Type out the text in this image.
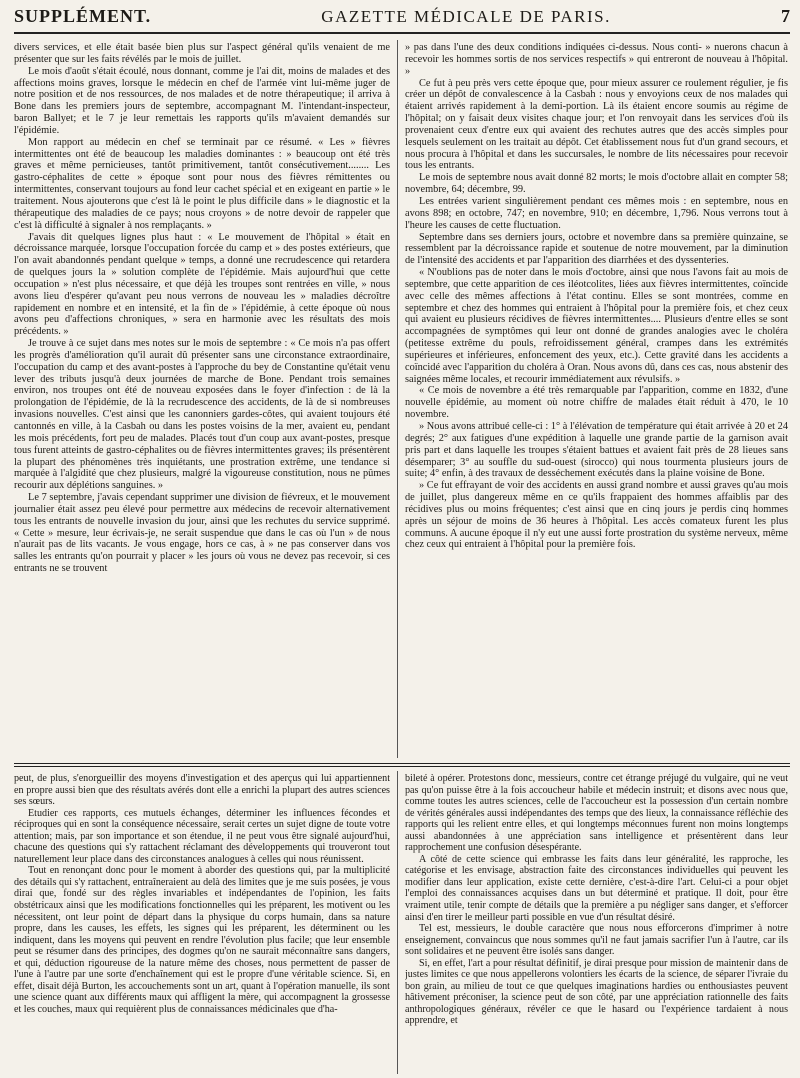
SUPPLÉMENT.	GAZETTE MÉDICALE DE PARIS.	7

divers services, et elle était basée bien plus sur l'aspect général qu'ils venaient de me présenter que sur les faits révélés par le mois de juillet.

Le mois d'août s'était écoulé, nous donnant, comme je l'ai dit, moins de malades et des affections moins graves, lorsque le médecin en chef de l'armée vint lui-même juger de notre position et de nos ressources, de nos malades et de notre thérapeutique; il arriva à Bone dans les premiers jours de septembre, accompagnant M. l'intendant-inspecteur, baron Ballyet; et le 7 je leur remettais les rapports qu'ils m'avaient demandés sur l'épidémie.

Mon rapport au médecin en chef se terminait par ce résumé. « Les » fièvres intermittentes ont été de beaucoup les maladies dominantes : » beaucoup ont été très graves et même pernicieuses, tantôt primitivement, tantôt consécutivement........ Les gastro-céphalites de cette » époque sont pour nous des fièvres rémittentes ou intermittentes, conservant toujours au fond leur cachet spécial et en exigeant en partie » le traitement. Nous ajouterons que c'est là le point le plus difficile dans » le diagnostic et la thérapeutique des maladies de ce pays; nous croyons » de notre devoir de rappeler que c'est là difficulté à signaler à nos remplaçants. »

J'avais dit quelques lignes plus haut : « Le mouvement de l'hôpital » était en décroissance marquée, lorsque l'occupation forcée du camp et » des postes extérieurs, que l'on avait abandonnés pendant quelque » temps, a donné une recrudescence qui retardera de quelques jours la » solution complète de l'épidémie. Mais aujourd'hui que cette occupation » n'est plus nécessaire, et que déjà les troupes sont rentrées en ville, » nous avons lieu d'espérer qu'avant peu nous verrons de nouveau les » maladies décroître rapidement en nombre et en intensité, et la fin de » l'épidémie, à cette époque où nous avons peu d'affections chroniques, » sera en harmonie avec les résultats des mois précédents. »

Je trouve à ce sujet dans mes notes sur le mois de septembre : « Ce mois n'a pas offert les progrès d'amélioration qu'il aurait dû présenter sans une circonstance extraordinaire, l'occupation du camp et des avant-postes à l'approche du bey de Constantine qu'était venu lever des tributs jusqu'à deux journées de marche de Bone. Pendant trois semaines environ, nos troupes ont été de nouveau exposées dans le foyer d'infection : de là la prolongation de l'épidémie, de là la recrudescence des accidents, de là de si nombreuses invasions nouvelles. C'est ainsi que les canonniers gardes-côtes, qui avaient toujours été cantonnés en ville, à la Casbah ou dans les postes voisins de la mer, avaient eu, pendant les mois précédents, fort peu de malades. Placés tout d'un coup aux avant-postes, presque tous furent atteints de gastro-céphalites ou de fièvres intermittentes graves; ils présentèrent la plupart des phénomènes très inquiétants, une prostration extrême, une tendance si marquée à l'algidité que chez plusieurs, malgré la vigoureuse constitution, nous ne pûmes recourir aux déplétions sanguines. »

Le 7 septembre, j'avais cependant supprimer une division de fiévreux, et le mouvement journalier était assez peu élevé pour permettre aux médecins de recevoir alternativement tous les entrants de nouvelle invasion du jour, ainsi que les rechutes du service supprimé. « Cette » mesure, leur écrivais-je, ne serait suspendue que dans le cas où l'un » de nous n'aurait pas de lits vacants. Je vous engage, hors ce cas, à » ne pas conserver dans vos salles les entrants qu'on pourrait y placer » les jours où vous ne devez pas recevoir, si ces entrants ne se trouvent

» pas dans l'une des deux conditions indiquées ci-dessus. Nous conti- » nuerons chacun à recevoir les hommes sortis de nos services respectifs » qui entreront de nouveau à l'hôpital. »

Ce fut à peu près vers cette époque que, pour mieux assurer ce roulement régulier, je fis créer un dépôt de convalescence à la Casbah : nous y envoyions ceux de nos malades qui étaient arrivés rapidement à la demi-portion. Là ils étaient encore soumis au régime de l'hôpital; on y faisait deux visites chaque jour; et l'on renvoyait dans les services d'où ils provenaient ceux d'entre eux qui avaient des rechutes autres que des accès simples pour lesquels seulement on les traitait au dépôt. Cet établissement nous fut d'un grand secours, et nous procura à l'hôpital et dans les succursales, le nombre de lits nécessaires pour recevoir tous les entrants.

Le mois de septembre nous avait donné 82 morts; le mois d'octobre allait en compter 58; novembre, 64; décembre, 99.

Les entrées varient singulièrement pendant ces mêmes mois : en septembre, nous en avons 898; en octobre, 747; en novembre, 910; en décembre, 1,796. Nous verrons tout à l'heure les causes de cette fluctuation.

Septembre dans ses derniers jours, octobre et novembre dans sa première quinzaine, se ressemblent par la décroissance rapide et soutenue de notre mouvement, par la diminution de l'intensité des accidents et par l'apparition des diarrhées et des dyssenteries.

« N'oublions pas de noter dans le mois d'octobre, ainsi que nous l'avons fait au mois de septembre, que cette apparition de ces iléotcolites, liées aux fièvres intermittentes, coïncide avec celle des mêmes affections à l'état continu. Elles se sont montrées, comme en septembre et chez des hommes qui entraient à l'hôpital pour la première fois, et chez ceux qui avaient eu plusieurs récidives de fièvres intermittentes.... Plusieurs d'entre elles se sont accompagnées de symptômes qui leur ont donné de grandes analogies avec le choléra (petitesse extrême du pouls, refroidissement général, crampes dans les extrémités supérieures et inférieures, enfoncement des yeux, etc.). Cette gravité dans les accidents a coïncidé avec l'apparition du choléra à Oran. Nous avons dû, dans ces cas, nous abstenir des saignées même locales, et recourir immédiatement aux révulsifs. »

« Ce mois de novembre a été très remarquable par l'apparition, comme en 1832, d'une nouvelle épidémie, au moment où notre chiffre de malades était réduit à 470, le 10 novembre.

» Nous avons attribué celle-ci : 1° à l'élévation de température qui était arrivée à 20 et 24 degrés; 2° aux fatigues d'une expédition à laquelle une grande partie de la garnison avait pris part et dans laquelle les troupes s'étaient battues et avaient fait près de 28 lieues sans désemparer; 3° au souffle du sud-ouest (sirocco) qui nous tourmenta plusieurs jours de suite; 4° enfin, à des travaux de desséchement exécutés dans la plaine voisine de Bone.

» Ce fut effrayant de voir des accidents en aussi grand nombre et aussi graves qu'au mois de juillet, plus dangereux même en ce qu'ils frappaient des hommes affaiblis par des récidives plus ou moins fréquentes; c'est ainsi que en cinq jours je perdis cinq hommes après un séjour de moins de 36 heures à l'hôpital. Les accès comateux furent les plus communs. A aucune époque il n'y eut une aussi forte prostration du système nerveux, même chez ceux qui entraient à l'hôpital pour la première fois.

peut, de plus, s'enorgueillir des moyens d'investigation et des aperçus qui lui appartiennent en propre aussi bien que des résultats avérés dont elle a enrichi la plupart des autres sciences ses sœurs.

Etudier ces rapports, ces mutuels échanges, déterminer les influences fécondes et réciproques qui en sont la conséquence nécessaire, serait certes un sujet digne de toute votre attention; mais, par son importance et son étendue, il ne peut vous être signalé aujourd'hui, chacune des questions qui s'y rattachent réclamant des développements qui trouveront tout naturellement leur place dans des circonstances analogues à celles qui nous réunissent.

Tout en renonçant donc pour le moment à aborder des questions qui, par la multiplicité des détails qui s'y rattachent, entraîneraient au delà des limites que je me suis posées, je vous dirai que, fondé sur des règles invariables et indépendantes de l'opinion, les faits obstétricaux ainsi que les modifications fonctionnelles qui les préparent, les motivent ou les nécessitent, ont leur point de départ dans la physique du corps humain, dans sa nature propre, dans les causes, les effets, les signes qui les préparent, les déterminent ou les indiquent, dans les moyens qui peuvent en rendre l'évolution plus facile; que leur ensemble peut se résumer dans des principes, des dogmes qu'on ne saurait méconnaître sans dangers, et qui, déduction rigoureuse de la nature même des choses, nous permettent de passer de l'une à l'autre par une sorte d'enchaînement qui est le propre d'une véritable science. Si, en effet, disait déjà Burton, les accouchements sont un art, quant à l'opération manuelle, ils sont une science quant aux différents maux qui affligent la mère, qui accompagnent la grossesse et les couches, maux qui requièrent plus de connaissances médicinales que d'ha-

bileté à opérer. Protestons donc, messieurs, contre cet étrange préjugé du vulgaire, qui ne veut pas qu'on puisse être à la fois accoucheur habile et médecin instruit; et disons avec nous que, comme toutes les autres sciences, celle de l'accoucheur est la possession d'un certain nombre de vérités générales aussi indépendantes des temps que des lieux, la connaissance réfléchie des rapports qui les relient entre elles, et qui longtemps méconnues furent non moins longtemps aussi abandonnées à une appréciation sans intelligence et présentèrent dans leur rapprochement une confusion désespérante.

A côté de cette science qui embrasse les faits dans leur généralité, les rapproche, les catégorise et les envisage, abstraction faite des circonstances individuelles qui peuvent les modifier dans leur application, existe cette dernière, c'est-à-dire l'art. Celui-ci a pour objet l'emploi des connaissances acquises dans un but déterminé et pratique. Il doit, pour être vraiment utile, tenir compte de détails que la première a pu négliger sans danger, et s'efforcer ainsi d'en tirer le meilleur parti possible en vue d'un résultat désiré.

Tel est, messieurs, le double caractère que nous nous efforcerons d'imprimer à notre enseignement, convaincus que nous sommes qu'il ne faut jamais sacrifier l'un à l'autre, car ils sont solidaires et ne peuvent être isolés sans danger.

Si, en effet, l'art a pour résultat définitif, je dirai presque pour mission de maintenir dans de justes limites ce que nous appellerons volontiers les écarts de la science, de séparer l'ivraie du bon grain, au milieu de tout ce que quelques imaginations hardies ou enthousiastes peuvent hâtivement préconiser, la science peut de son côté, par une appréciation rationnelle des faits anthropologiques généraux, révéler ce que le hasard ou l'expérience tardaient à nous apprendre, et
